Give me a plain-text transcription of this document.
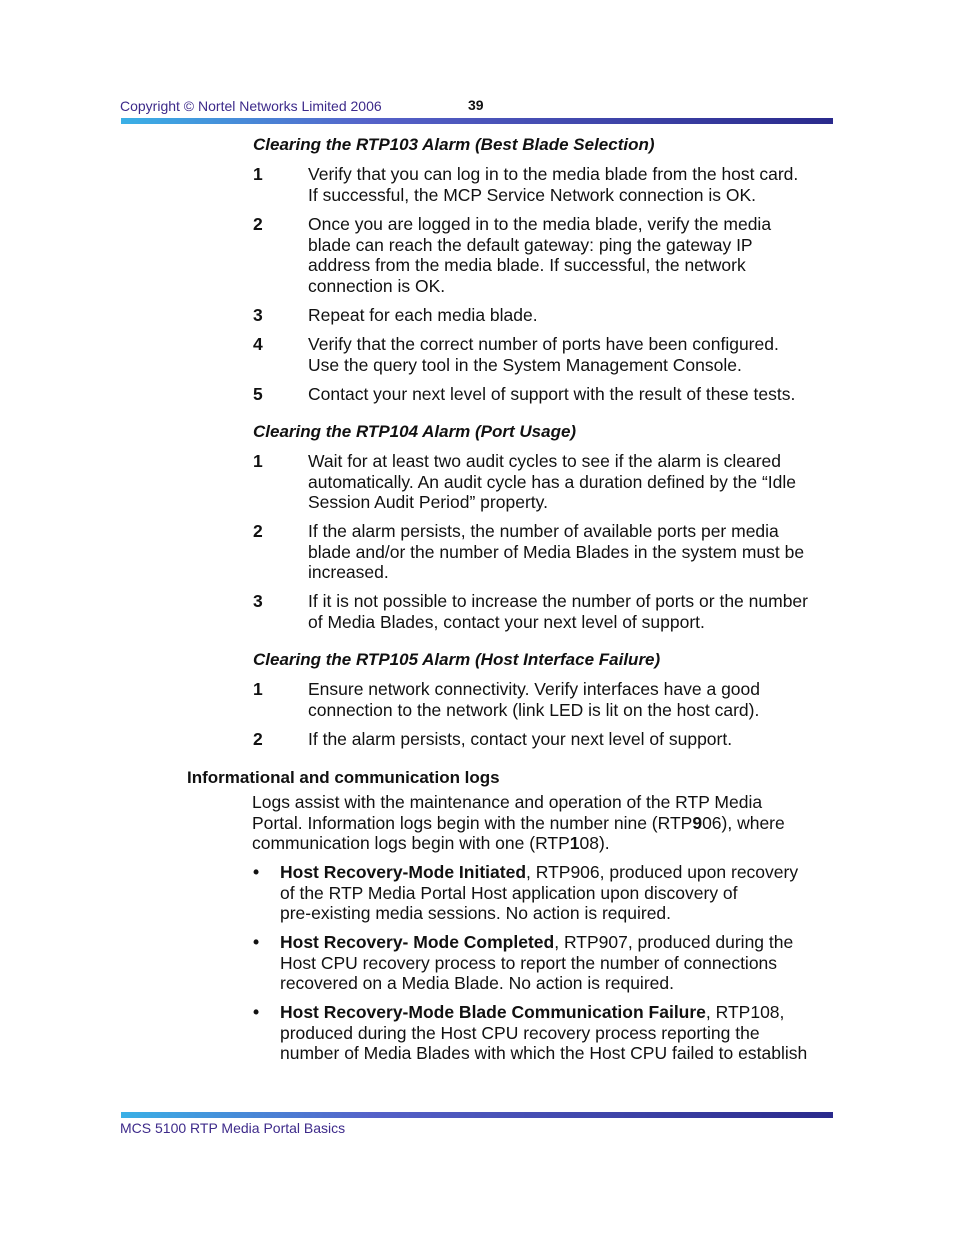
Copyright © Nortel Networks Limited 2006	39
Clearing the RTP103 Alarm (Best Blade Selection)
1	Verify that you can log in to the media blade from the host card.
If successful, the MCP Service Network connection is OK.
2	Once you are logged in to the media blade, verify the media
blade can reach the default gateway: ping the gateway IP
address from the media blade. If successful, the network
connection is OK.
3	Repeat for each media blade.
4	Verify that the correct number of ports have been configured.
Use the query tool in the System Management Console.
5	Contact your next level of support with the result of these tests.
Clearing the RTP104 Alarm (Port Usage)
1	Wait for at least two audit cycles to see if the alarm is cleared
automatically. An audit cycle has a duration defined by the “Idle
Session Audit Period” property.
2	If the alarm persists, the number of available ports per media
blade and/or the number of Media Blades in the system must be
increased.
3	If it is not possible to increase the number of ports or the number
of Media Blades, contact your next level of support.
Clearing the RTP105 Alarm (Host Interface Failure)
1	Ensure network connectivity. Verify interfaces have a good
connection to the network (link LED is lit on the host card).
2	If the alarm persists, contact your next level of support.
Informational and communication logs
Logs assist with the maintenance and operation of the RTP Media
Portal. Information logs begin with the number nine (RTP906), where
communication logs begin with one (RTP108).
• Host Recovery-Mode Initiated, RTP906, produced upon recovery
of the RTP Media Portal Host application upon discovery of
pre-existing media sessions. No action is required.
• Host Recovery- Mode Completed, RTP907, produced during the
Host CPU recovery process to report the number of connections
recovered on a Media Blade. No action is required.
• Host Recovery-Mode Blade Communication Failure, RTP108,
produced during the Host CPU recovery process reporting the
number of Media Blades with which the Host CPU failed to establish
MCS 5100 RTP Media Portal Basics
